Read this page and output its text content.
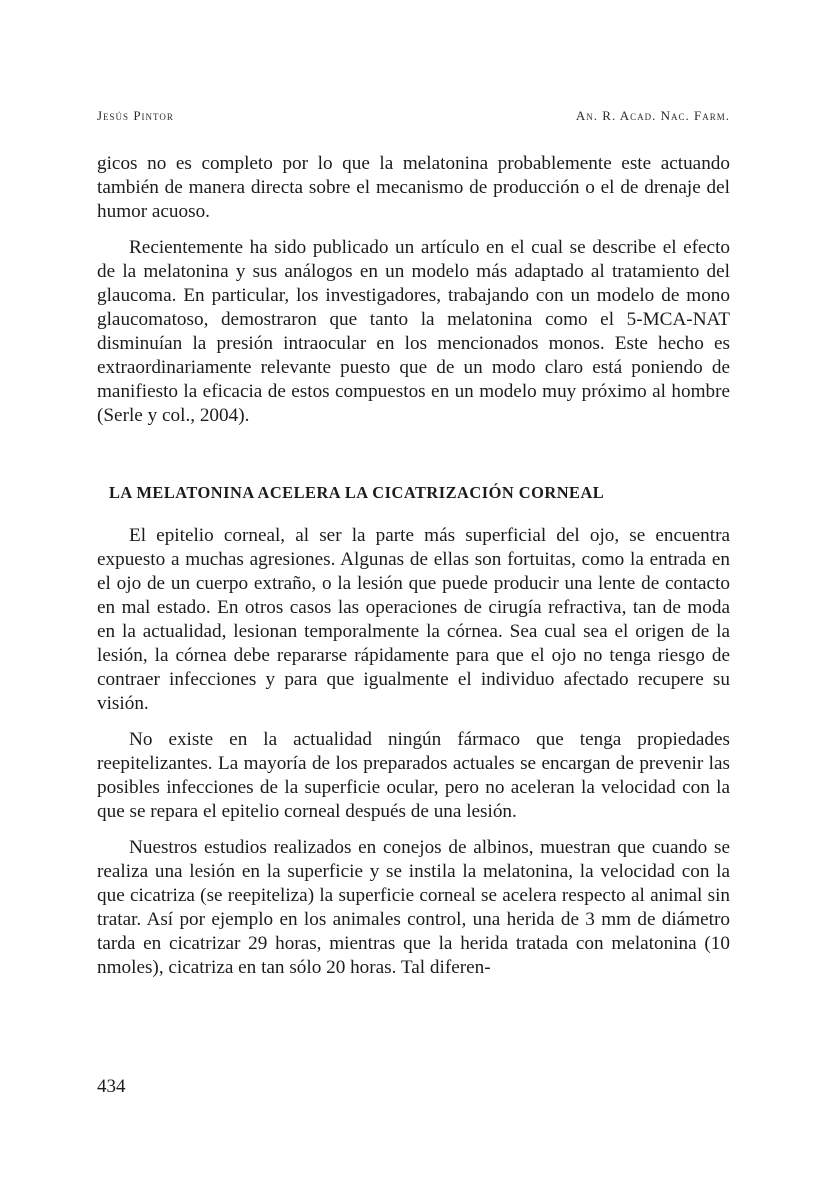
Jesús Pintor	An. R. Acad. Nac. Farm.

gicos no es completo por lo que la melatonina probablemente este actuando también de manera directa sobre el mecanismo de producción o el de drenaje del humor acuoso.

Recientemente ha sido publicado un artículo en el cual se describe el efecto de la melatonina y sus análogos en un modelo más adaptado al tratamiento del glaucoma. En particular, los investigadores, trabajando con un modelo de mono glaucomatoso, demostraron que tanto la melatonina como el 5-MCA-NAT disminuían la presión intraocular en los mencionados monos. Este hecho es extraordinariamente relevante puesto que de un modo claro está poniendo de manifiesto la eficacia de estos compuestos en un modelo muy próximo al hombre (Serle y col., 2004).

LA MELATONINA ACELERA LA CICATRIZACIÓN CORNEAL

El epitelio corneal, al ser la parte más superficial del ojo, se encuentra expuesto a muchas agresiones. Algunas de ellas son fortuitas, como la entrada en el ojo de un cuerpo extraño, o la lesión que puede producir una lente de contacto en mal estado. En otros casos las operaciones de cirugía refractiva, tan de moda en la actualidad, lesionan temporalmente la córnea. Sea cual sea el origen de la lesión, la córnea debe repararse rápidamente para que el ojo no tenga riesgo de contraer infecciones y para que igualmente el individuo afectado recupere su visión.

No existe en la actualidad ningún fármaco que tenga propiedades reepitelizantes. La mayoría de los preparados actuales se encargan de prevenir las posibles infecciones de la superficie ocular, pero no aceleran la velocidad con la que se repara el epitelio corneal después de una lesión.

Nuestros estudios realizados en conejos de albinos, muestran que cuando se realiza una lesión en la superficie y se instila la melatonina, la velocidad con la que cicatriza (se reepiteliza) la superficie corneal se acelera respecto al animal sin tratar. Así por ejemplo en los animales control, una herida de 3 mm de diámetro tarda en cicatrizar 29 horas, mientras que la herida tratada con melatonina (10 nmoles), cicatriza en tan sólo 20 horas. Tal diferen-

434
